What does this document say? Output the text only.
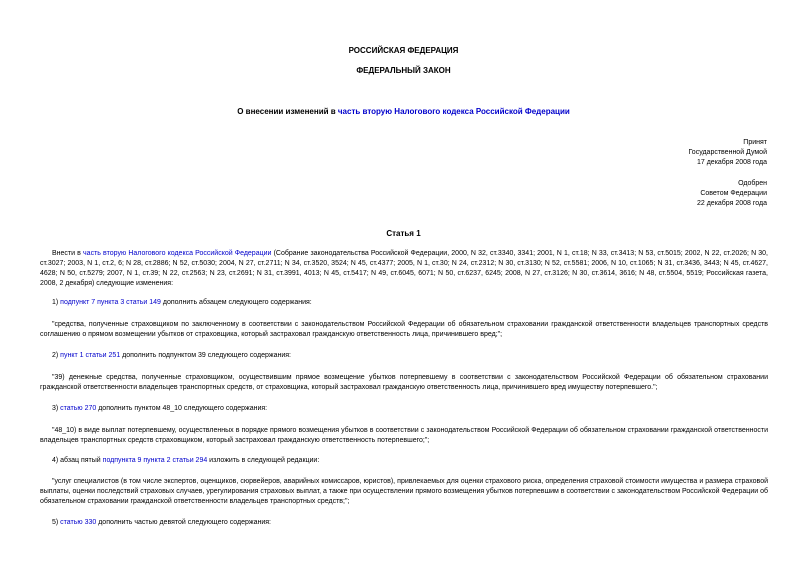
РОССИЙСКАЯ ФЕДЕРАЦИЯ
ФЕДЕРАЛЬНЫЙ ЗАКОН
О внесении изменений в часть вторую Налогового кодекса Российской Федерации
Принят
Государственной Думой
17 декабря 2008 года
Одобрен
Советом Федерации
22 декабря 2008 года
Статья 1
Внести в часть вторую Налогового кодекса Российской Федерации (Собрание законодательства Российской Федерации, 2000, N 32, ст.3340, 3341; 2001, N 1, ст.18; N 33, ст.3413; N 53, ст.5015; 2002, N 22, ст.2026; N 30, ст.3027; 2003, N 1, ст.2, 6; N 28, ст.2886; N 52, ст.5030; 2004, N 27, ст.2711; N 34, ст.3520, 3524; N 45, ст.4377; 2005, N 1, ст.30; N 24, ст.2312; N 30, ст.3130; N 52, ст.5581; 2006, N 10, ст.1065; N 31, ст.3436, 3443; N 45, ст.4627, 4628; N 50, ст.5279; 2007, N 1, ст.39; N 22, ст.2563; N 23, ст.2691; N 31, ст.3991, 4013; N 45, ст.5417; N 49, ст.6045, 6071; N 50, ст.6237, 6245; 2008, N 27, ст.3126; N 30, ст.3614, 3616; N 48, ст.5504, 5519; Российская газета, 2008, 2 декабря) следующие изменения:
1) подпункт 7 пункта 3 статьи 149 дополнить абзацем следующего содержания:
"средства, полученные страховщиком по заключенному в соответствии с законодательством Российской Федерации об обязательном страховании гражданской ответственности владельцев транспортных средств соглашению о прямом возмещении убытков от страховщика, который застраховал гражданскую ответственность лица, причинившего вред;";
2) пункт 1 статьи 251 дополнить подпунктом 39 следующего содержания:
"39) денежные средства, полученные страховщиком, осуществившим прямое возмещение убытков потерпевшему в соответствии с законодательством Российской Федерации об обязательном страховании гражданской ответственности владельцев транспортных средств, от страховщика, который застраховал гражданскую ответственность лица, причинившего вред имуществу потерпевшего.";
3) статью 270 дополнить пунктом 48_10 следующего содержания:
"48_10) в виде выплат потерпевшему, осуществленных в порядке прямого возмещения убытков в соответствии с законодательством Российской Федерации об обязательном страховании гражданской ответственности владельцев транспортных средств страховщиком, который застраховал гражданскую ответственность потерпевшего;";
4) абзац пятый подпункта 9 пункта 2 статьи 294 изложить в следующей редакции:
"услуг специалистов (в том числе экспертов, оценщиков, сюрвейеров, аварийных комиссаров, юристов), привлекаемых для оценки страхового риска, определения страховой стоимости имущества и размера страховой выплаты, оценки последствий страховых случаев, урегулирования страховых выплат, а также при осуществлении прямого возмещения убытков потерпевшим в соответствии с законодательством Российской Федерации об обязательном страховании гражданской ответственности владельцев транспортных средств;";
5) статью 330 дополнить частью девятой следующего содержания:
